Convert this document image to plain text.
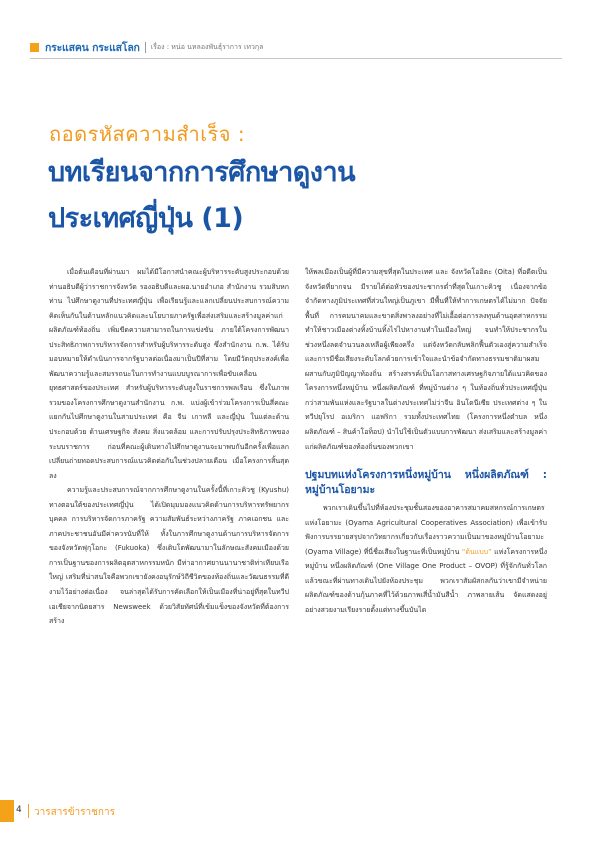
กระแสคน กระแสโลก เรื่อง : หน่อ นหลองพันธุ์ราการ เทวกุล
ถอดรหัสความสำเร็จ :
บทเรียนจากการศึกษาดูงาน
ประเทศญี่ปุ่น (1)

เมื่อต้นเดือนที่ผ่านมา ผมได้มีโอกาสนำคณะผู้บริหารระดับสูงประกอบด้วยท่านอธิบดีผู้ว่าราชการจังหวัด รองอธิบดีและผอ.นายอำเภอ สำนักงาน รวมสิบหกท่าน ไปศึกษาดูงานที่ประเทศญี่ปุ่น เพื่อเรียนรู้และแลกเปลี่ยนประสบการณ์ความคิดเห็นกันในด้านหลักแนวคิดและนโยบายภาครัฐเพื่อส่งเสริมและสร้างมูลค่าแก่ผลิตภัณฑ์ท้องถิ่น เพิ่มขีดความสามารถในการแข่งขัน ภายใต้โครงการพัฒนาประสิทธิภาพการบริหารจัดการสำหรับผู้บริหารระดับสูง ซึ่งสำนักงาน ก.พ. ได้รับมอบหมายให้ดำเนินการจากรัฐบาลต่อเนื่องมาเป็นปีที่สาม โดยมีวัตถุประสงค์เพื่อพัฒนาความรู้และสมรรถนะในการทำงานแบบบูรณาการเพื่อขับเคลื่อนยุทธศาสตร์ของประเทศ สำหรับผู้บริหารระดับสูงในราชการพลเรือน ซึ่งในภาพรวมของโครงการศึกษาดูงานสำนักงาน ก.พ. แบ่งผู้เข้าร่วมโครงการเป็นสี่คณะ แยกกันไปศึกษาดูงานในสามประเทศ คือ จีน เกาหลี และญี่ปุ่น ในแต่ละด้านประกอบด้วย ด้านเศรษฐกิจ สังคม สิ่งแวดล้อม และการปรับปรุงประสิทธิภาพของระบบราชการ ก่อนที่คณะผู้เดินทางไปศึกษาดูงานจะมาพบกันอีกครั้งเพื่อแลกเปลี่ยนถ่ายทอดประสบการณ์แนวคิดต่อกันในช่วงปลายเดือน เมื่อโครงการสิ้นสุดลง

ความรู้และประสบการณ์จากการศึกษาดูงานในครั้งนี้ที่เกาะคิวชู (Kyushu) ทางตอนใต้ของประเทศญี่ปุ่น ได้เปิดมุมมองแนวคิดด้านการบริหารทรัพยากรบุคคล การบริหารจัดการภาครัฐ ความสัมพันธ์ระหว่างภาครัฐ ภาคเอกชน และภาคประชาชนอันมีค่าควรนับที่ให้ ทั้งในการศึกษาดูงานด้านการบริหารจัดการของจังหวัดฟุกุโอกะ (Fukuoka) ซึ่งเติบโตพัฒนามาในลักษณะสังคมเมืองด้วยการเป็นฐานของการผลิตอุตสาหกรรมหนัก มีท่าอากาศยานนานาชาติท่าเทียบเรือใหญ่ เสริมที่น่าสนใจคือพวกเขายังคงอนุรักษ์วิถีชีวิตของท้องถิ่นและวัฒนธรรมที่ดีงามไว้อย่างต่อเนื่อง จนล่าสุดได้รับการคัดเลือกให้เป็นเมืองที่น่าอยู่ที่สุดในทวีปเอเชียจากนิตยสาร Newsweek ด้วยวิสัยทัศน์ที่เข้มแข็งของจังหวัดที่ต้องการสร้าง

ให้พลเมืองเป็นผู้ที่มีความสุขที่สุดในประเทศ และ จังหวัดโออิตะ (Oita) ที่อดีตเป็นจังหวัดที่ยากจน มีรายได้ต่อหัวของประชากรต่ำที่สุดในเกาะคิวชู เนื่องจากข้อจำกัดทางภูมิประเทศที่ส่วนใหญ่เป็นภูเขา มีพื้นที่ให้ทำการเกษตรได้ไม่มาก ปัจจัยพื้นที่ การคมนาคมและขาดสิ่งพาลงอย่างที่ไม่เอื้อต่อการลงทุนด้านอุตสาหกรรม ทำให้ชาวเมืองต่างทิ้งบ้านทิ้งไร่ไปหางานทำในเมืองใหญ่ จนทำให้ประชากรในช่วงหนึ่งลดจำนวนลงเหลือผู้เพียงครึ่ง แต่จังหวัดกลับพลิกฟื้นตัวเองสู่ความสำเร็จและการมีชื่อเสียงระดับโลกด้วยการเข้าใจและนำข้อจำกัดทางธรรมชาติมาผสมผสานกับภูมิปัญญาท้องถิ่น สร้างสรรค์เป็นโอกาสทางเศรษฐกิจภายใต้แนวคิดของโครงการหนึ่งหมู่บ้าน หนึ่งผลิตภัณฑ์ ที่หมู่บ้านต่าง ๆ ในท้องถิ่นทั่วประเทศญี่ปุ่นกว่าสามพันแห่งและรัฐบาลในต่างประเทศไม่ว่าจีน อินโดนีเซีย ประเทศต่าง ๆ ในทวีปยุโรป อเมริกา แอฟริกา รวมทั้งประเทศไทย (โครงการหนึ่งตำบล หนึ่งผลิตภัณฑ์ – สินค้าโอท็อป) นำไปใช้เป็นตัวแบบการพัฒนา ส่งเสริมและสร้างมูลค่าแก่ผลิตภัณฑ์ของท้องถิ่นของพวกเขา

ปฐมบทแห่งโครงการหนึ่งหมู่บ้าน หนึ่งผลิตภัณฑ์ : หมู่บ้านโอยามะ

พวกเราเดินขึ้นไปที่ห้องประชุมชั้นสองของอาคารสมาคมสหกรณ์การเกษตรแห่งโอยามะ (Oyama Agricultural Cooperatives Association) เพื่อเข้ารับฟังการบรรยายสรุปจากวิทยากรเกี่ยวกับเรื่องราวความเป็นมาของหมู่บ้านโอยามะ (Oyama Village) ที่นี่ชื่อเสียงในฐานะที่เป็นหมู่บ้าน “ต้นแบบ” แห่งโครงการหนึ่งหมู่บ้าน หนึ่งผลิตภัณฑ์ (One Village One Product – OVOP) ที่รู้จักกันทั่วโลก แล้วขณะที่ผ่านทางเดินไปยังห้องประชุม พวกเราสัมผัสกลกันว่าเขามีจำหน่ายผลิตภัณฑ์ของด้านกุ้นภาคที่ไว้ด้วยภาพเสี่น้ำมันสีน้ำ ภาพลายเส้น จัดแสดงอยู่อย่างสวยงามเรียงรายตั้งแต่ทางขึ้นบันได

4 วารสารข้าราชการ
